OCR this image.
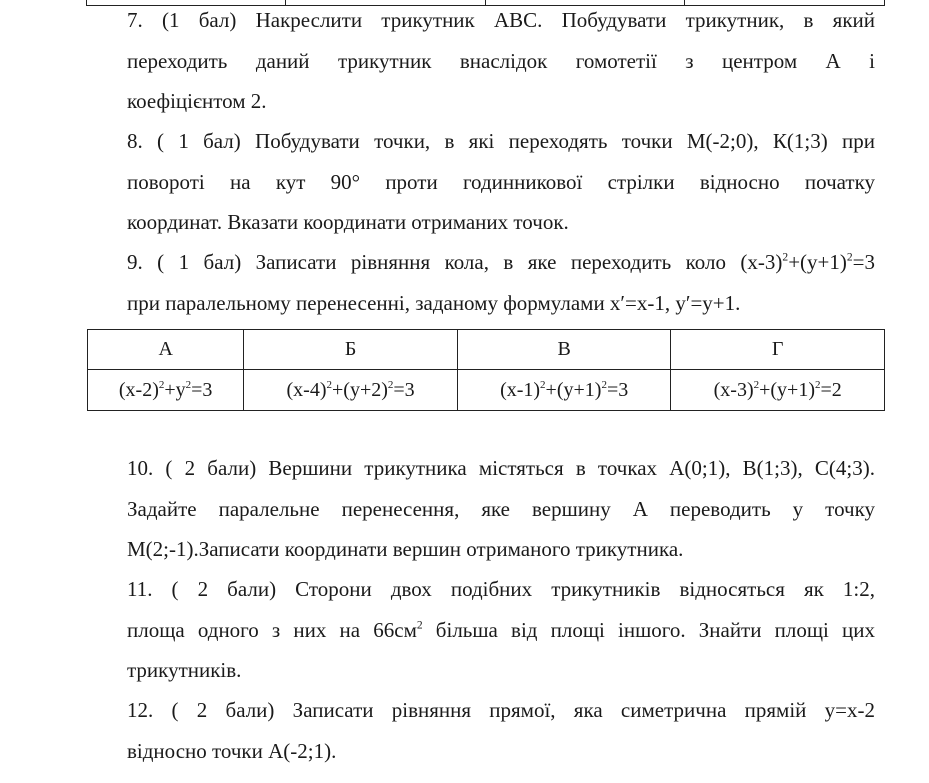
7. (1 бал) Накреслити трикутник АВС. Побудувати трикутник, в який
переходить даний трикутник внаслідок гомотетії з центром А і
коефіцієнтом 2.
8. ( 1 бал) Побудувати точки, в які переходять точки М(-2;0), К(1;3) при
повороті на кут 90° проти годинникової стрілки відносно початку
координат. Вказати координати отриманих точок.
9. ( 1 бал) Записати рівняння кола, в яке переходить коло $(х-3)^2+(у+1)^2=3$
при паралельному перенесенні, заданому формулами х′=х-1, у′=у+1.
А	Б	В	Г
$(х-2)^2+у^2=3$	$(х-4)^2+(у+2)^2=3$	$(х-1)^2+(у+1)^2=3$	$(х-3)^2+(у+1)^2=2$
10. ( 2 бали) Вершини трикутника містяться в точках А(0;1), В(1;3), С(4;3).
Задайте паралельне перенесення, яке вершину А переводить у точку
М(2;-1).Записати координати вершин отриманого трикутника.
11. ( 2 бали) Сторони двох подібних трикутників відносяться як 1:2,
площа одного з них на $66см^2$ більша від площі іншого. Знайти площі цих
трикутників.
12. ( 2 бали) Записати рівняння прямої, яка симетрична прямій у=х-2
відносно точки А(-2;1).
